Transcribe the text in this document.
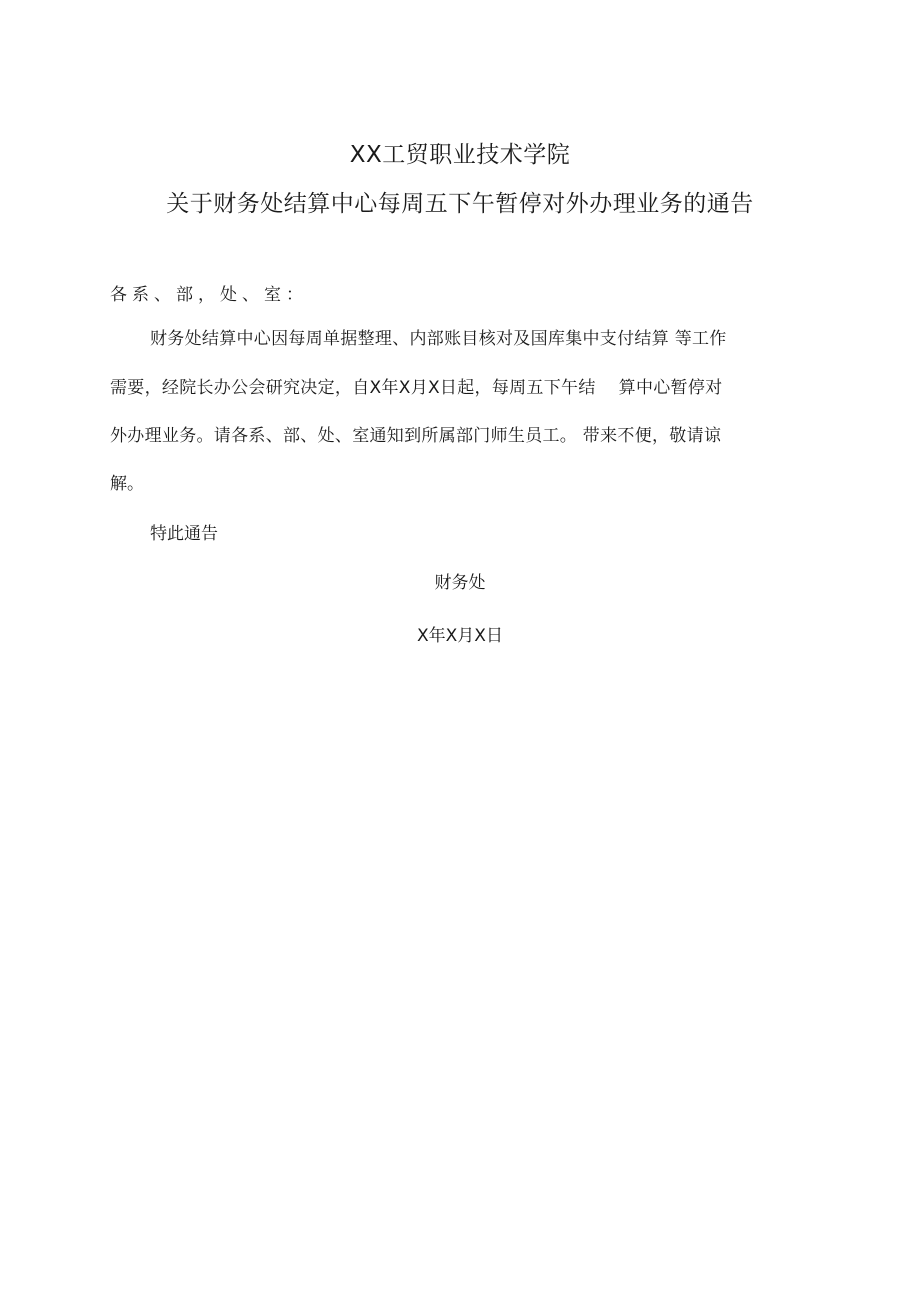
XX工贸职业技术学院
关于财务处结算中心每周五下午暂停对外办理业务的通告
各系、部，处、室：
财务处结算中心因每周单据整理、内部账目核对及国库集中支付结算 等工作
需要，经院长办公会研究决定，自X年X月X日起，每周五下午结　 算中心暂停对
外办理业务。请各系、部、处、室通知到所属部门师生员工。 带来不便，敬请谅
解。
特此通告
财务处
X年X月X日
